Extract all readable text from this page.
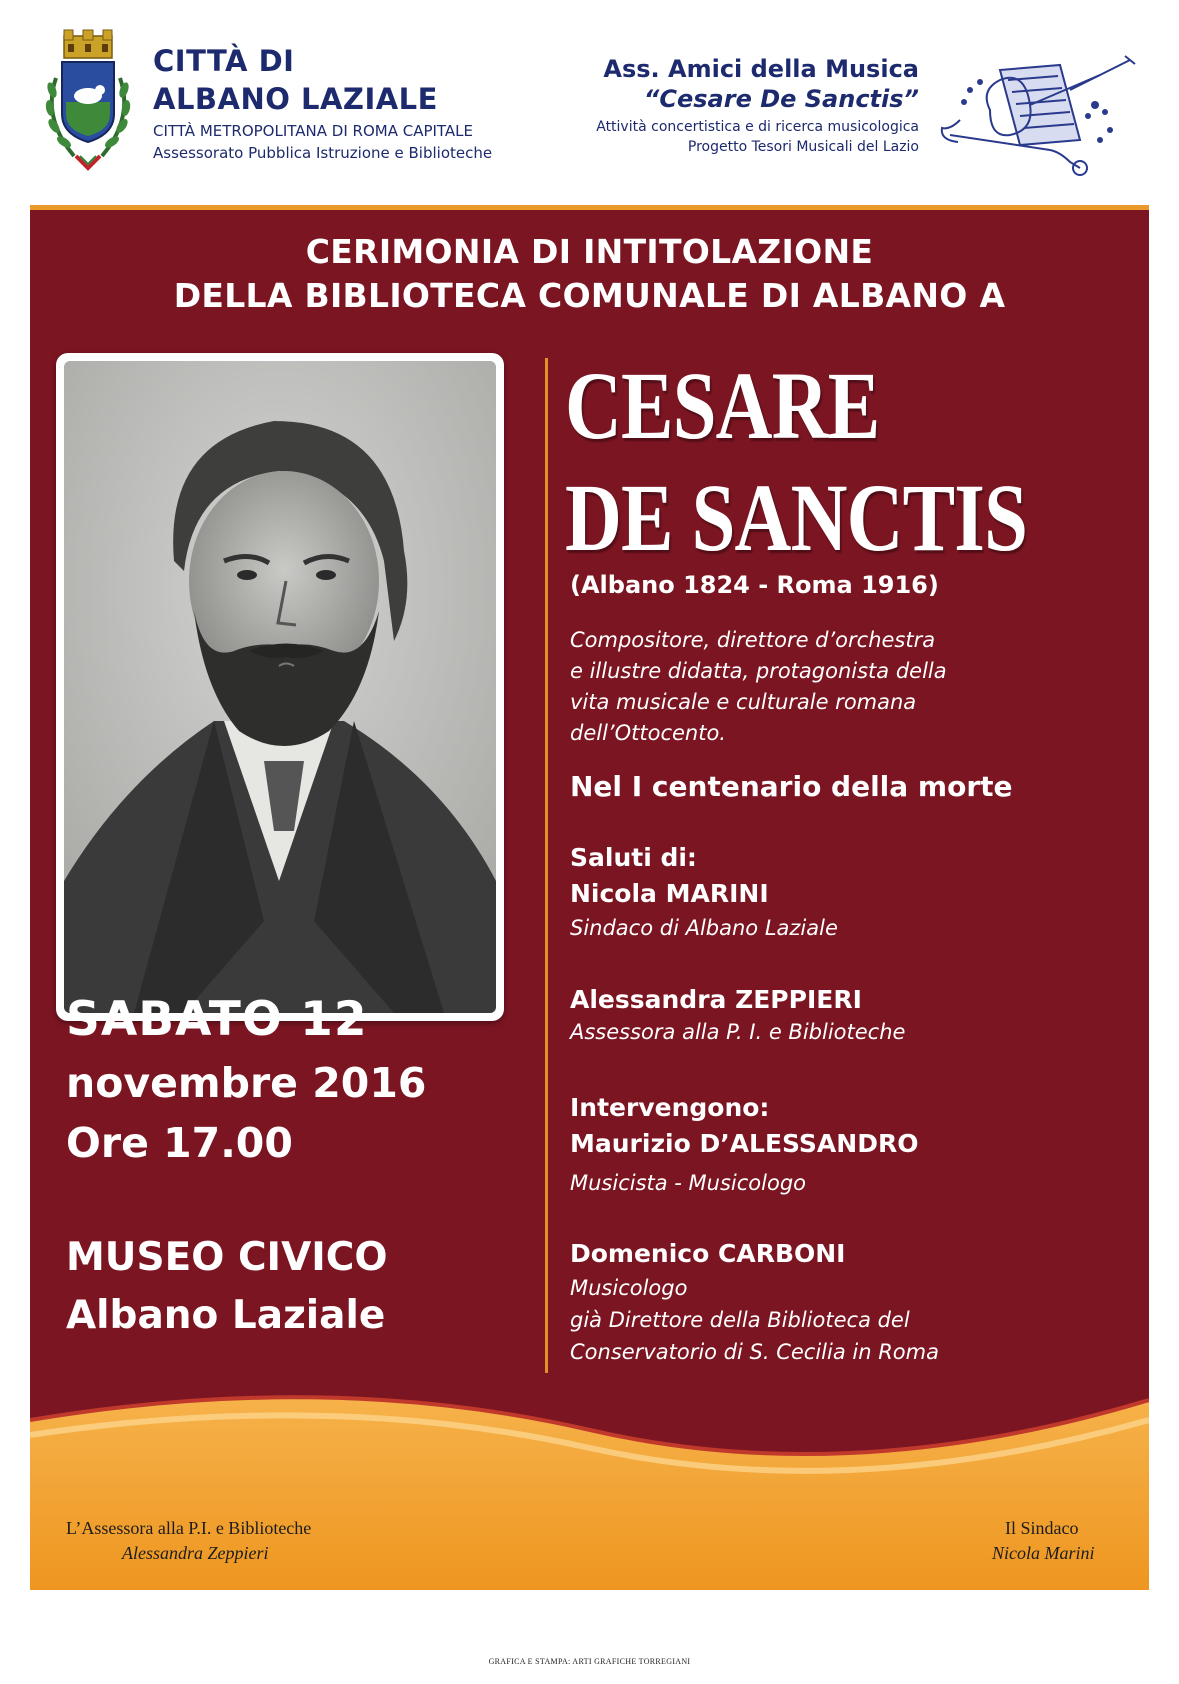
CITTÀ DI
ALBANO LAZIALE
CITTÀ METROPOLITANA DI ROMA CAPITALE
Assessorato Pubblica Istruzione e Biblioteche
Ass. Amici della Musica
“Cesare De Sanctis”
Attività concertistica e di ricerca musicologica
Progetto Tesori Musicali del Lazio
CERIMONIA DI INTITOLAZIONE
DELLA BIBLIOTECA COMUNALE DI ALBANO A
CESARE
DE SANCTIS
(Albano 1824 - Roma 1916)
Compositore, direttore d’orchestra
e illustre didatta, protagonista della
vita musicale e culturale romana
dell’Ottocento.
Nel I centenario della morte
Saluti di:
Nicola MARINI
Sindaco di Albano Laziale
Alessandra ZEPPIERI
Assessora alla P. I. e Biblioteche
Intervengono:
Maurizio D’ALESSANDRO
Musicista - Musicologo
Domenico CARBONI
Musicologo
già Direttore della Biblioteca del
Conservatorio di S. Cecilia in Roma
SABATO 12
novembre 2016
Ore 17.00
MUSEO CIVICO
Albano Laziale
L’Assessora alla P.I. e Biblioteche
Alessandra Zeppieri
Il Sindaco
Nicola Marini
GRAFICA E STAMPA: ARTI GRAFICHE TORREGIANI
